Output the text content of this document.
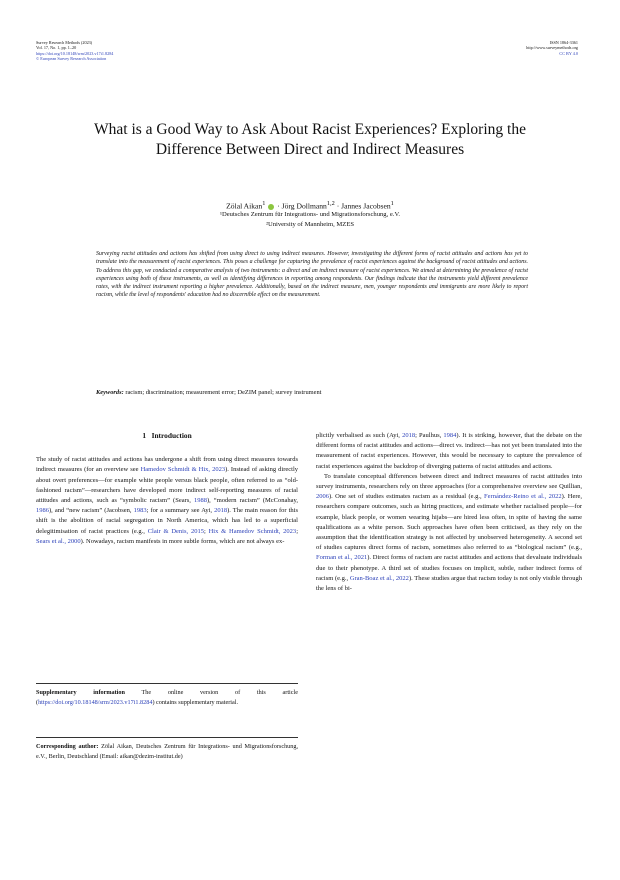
Survey Research Methods (2023)
Vol. 17, No. 1, pp. 1–20
https://doi.org/10.18148/srm/2023.v17i1.8284
© European Survey Research Association
ISSN 1864-3361
http://www.surveymethods.org
CC BY 4.0
What is a Good Way to Ask About Racist Experiences? Exploring the Difference Between Direct and Indirect Measures
Zölal Aikan$^1$ · Jörg Dollmann$^{1,2}$ · Jannes Jacobsen$^1$
¹Deutsches Zentrum für Integrations- und Migrationsforschung, e.V.
²University of Mannheim, MZES
Surveying racist attitudes and actions has shifted from using direct to using indirect measures. However, investigating the different forms of racist attitudes and actions has yet to translate into the measurement of racist experiences. This poses a challenge for capturing the prevalence of racist experiences against the background of racist attitudes and actions. To address this gap, we conducted a comparative analysis of two instruments: a direct and an indirect measure of racist experiences. We aimed at determining the prevalence of racist experiences using both of these instruments, as well as identifying differences in reporting among respondents. Our findings indicate that the instruments yield different prevalence rates, with the indirect instrument reporting a higher prevalence. Additionally, based on the indirect measure, men, younger respondents and immigrants are more likely to report racism, while the level of respondents' education had no discernible effect on the measurement.
Keywords: racism; discrimination; measurement error; DeZIM panel; survey instrument
1 Introduction

The study of racist attitudes and actions has undergone a shift from using direct measures towards indirect measures (for an overview see Hamedov Schmidt & Hix, 2023). Instead of asking directly about overt preferences—for example white people versus black people, often referred to as “old-fashioned racism”—researchers have developed more indirect self-reporting measures of racial attitudes and actions, such as “symbolic racism” (Sears, 1988), “modern racism” (McConahay, 1986), and “new racism” (Jacobsen, 1983; for a summary see Ayi, 2018). The main reason for this shift is the abolition of racial segregation in North America, which has led to a superficial delegitimisation of racist practices (e.g., Clair & Denis, 2015; Hix & Hamedov Schmidt, 2023; Sears et al., 2000). Nowadays, racism manifests in more subtle forms, which are not always ex-

Supplementary information The online version of this article (https://doi.org/10.18148/srm/2023.v17i1.8284) contains supplementary material.
Corresponding author: Zölal Aikan, Deutsches Zentrum für Integrations- und Migrationsforschung, e.V., Berlin, Deutschland (Email: aikan@dezim-institut.de)

plicitly verbalised as such (Ayi, 2018; Paulhus, 1984). It is striking, however, that the debate on the different forms of racist attitudes and actions—direct vs. indirect—has not yet been translated into the measurement of racist experiences. However, this would be necessary to capture the prevalence of racist experiences against the backdrop of diverging patterns of racist attitudes and actions.

To translate conceptual differences between direct and indirect measures of racist attitudes into survey instruments, researchers rely on three approaches (for a comprehensive overview see Quillian, 2006). One set of studies estimates racism as a residual (e.g., Fernández-Reino et al., 2022). Here, researchers compare outcomes, such as hiring practices, and estimate whether racialised people—for example, black people, or women wearing hijabs—are hired less often, in spite of having the same qualifications as a white person. Such approaches have often been criticised, as they rely on the assumption that the identification strategy is not affected by unobserved heterogeneity. A second set of studies captures direct forms of racism, sometimes also referred to as “biological racism” (e.g., Forman et al., 2021). Direct forms of racism are racist attitudes and actions that devaluate individuals due to their phenotype. A third set of studies focuses on implicit, subtle, rather indirect forms of racism (e.g., Gran-Boaz et al., 2022). These studies argue that racism today is not only visible through the lens of bi-
